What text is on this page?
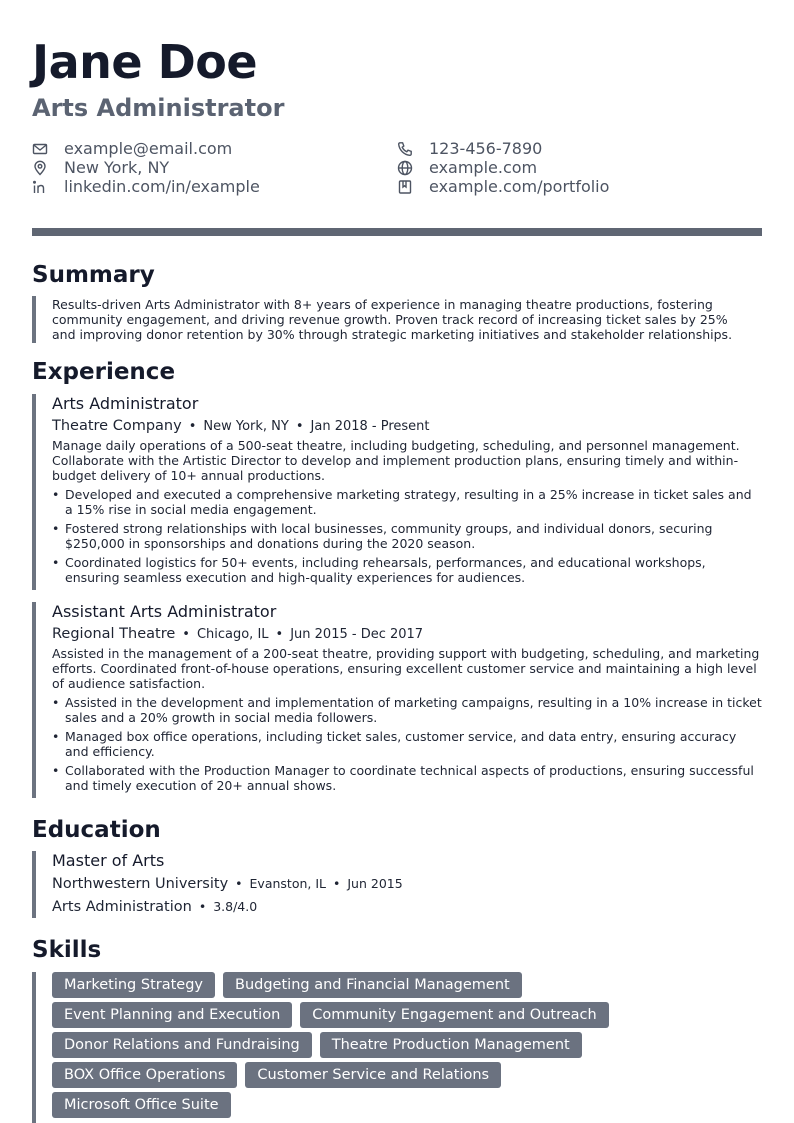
Jane Doe
Arts Administrator
example@email.com
New York, NY
linkedin.com/in/example
123-456-7890
example.com
example.com/portfolio
Summary
Results-driven Arts Administrator with 8+ years of experience in managing theatre productions, fostering community engagement, and driving revenue growth. Proven track record of increasing ticket sales by 25% and improving donor retention by 30% through strategic marketing initiatives and stakeholder relationships.
Experience
Arts Administrator
Theatre Company • New York, NY • Jan 2018 - Present
Manage daily operations of a 500-seat theatre, including budgeting, scheduling, and personnel management. Collaborate with the Artistic Director to develop and implement production plans, ensuring timely and within-budget delivery of 10+ annual productions.
• Developed and executed a comprehensive marketing strategy, resulting in a 25% increase in ticket sales and a 15% rise in social media engagement.
• Fostered strong relationships with local businesses, community groups, and individual donors, securing $250,000 in sponsorships and donations during the 2020 season.
• Coordinated logistics for 50+ events, including rehearsals, performances, and educational workshops, ensuring seamless execution and high-quality experiences for audiences.
Assistant Arts Administrator
Regional Theatre • Chicago, IL • Jun 2015 - Dec 2017
Assisted in the management of a 200-seat theatre, providing support with budgeting, scheduling, and marketing efforts. Coordinated front-of-house operations, ensuring excellent customer service and maintaining a high level of audience satisfaction.
• Assisted in the development and implementation of marketing campaigns, resulting in a 10% increase in ticket sales and a 20% growth in social media followers.
• Managed box office operations, including ticket sales, customer service, and data entry, ensuring accuracy and efficiency.
• Collaborated with the Production Manager to coordinate technical aspects of productions, ensuring successful and timely execution of 20+ annual shows.
Education
Master of Arts
Northwestern University • Evanston, IL • Jun 2015
Arts Administration • 3.8/4.0
Skills
Marketing Strategy	Budgeting and Financial Management
Event Planning and Execution	Community Engagement and Outreach
Donor Relations and Fundraising	Theatre Production Management
BOX Office Operations	Customer Service and Relations
Microsoft Office Suite
